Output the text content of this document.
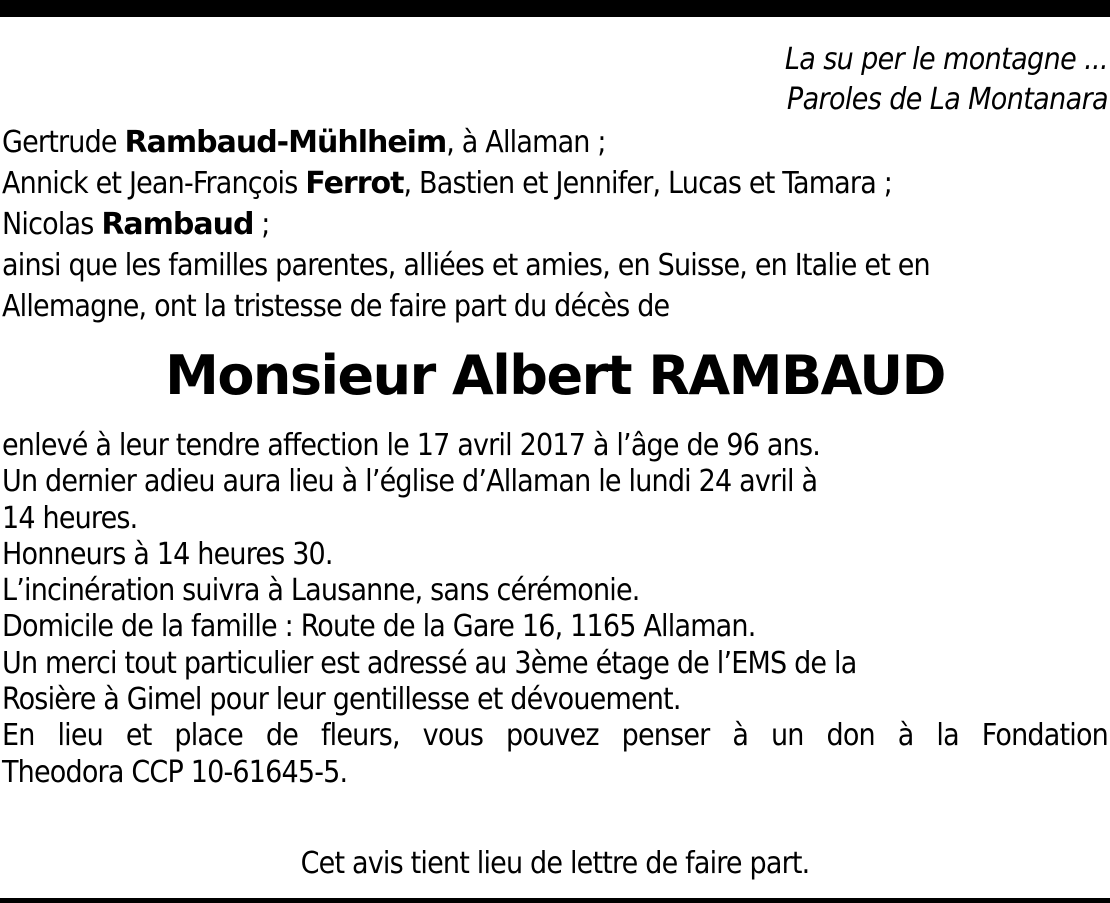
La su per le montagne ...
Paroles de La Montanara
Gertrude Rambaud-Mühlheim, à Allaman ;
Annick et Jean-François Ferrot, Bastien et Jennifer, Lucas et Tamara ;
Nicolas Rambaud ;
ainsi que les familles parentes, alliées et amies, en Suisse, en Italie et en
Allemagne, ont la tristesse de faire part du décès de
Monsieur Albert RAMBAUD
enlevé à leur tendre affection le 17 avril 2017 à l’âge de 96 ans.
Un dernier adieu aura lieu à l’église d’Allaman le lundi 24 avril à
14 heures.
Honneurs à 14 heures 30.
L’incinération suivra à Lausanne, sans cérémonie.
Domicile de la famille : Route de la Gare 16, 1165 Allaman.
Un merci tout particulier est adressé au 3ème étage de l’EMS de la
Rosière à Gimel pour leur gentillesse et dévouement.
En lieu et place de fleurs, vous pouvez penser à un don à la Fondation
Theodora CCP 10-61645-5.
Cet avis tient lieu de lettre de faire part.
